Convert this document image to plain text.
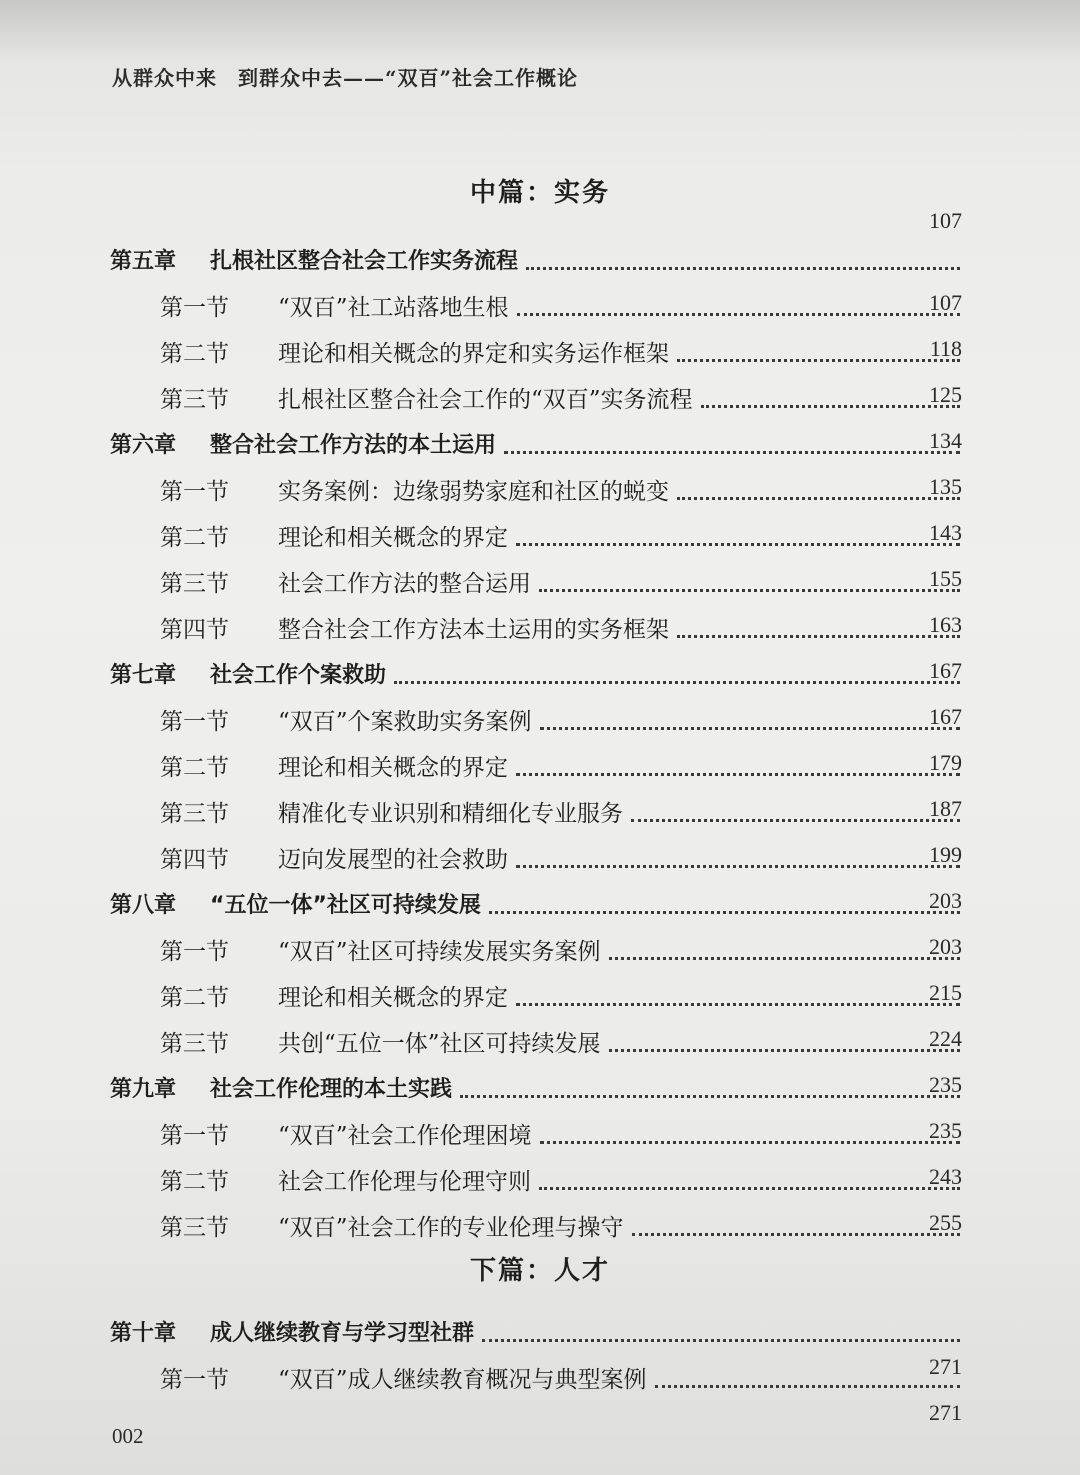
从群众中来　到群众中去——“双百”社会工作概论
中篇：实务
107
下篇：人才
第五章 扎根社区整合社会工作实务流程
107
第一节 “双百”社工站落地生根
118
第二节 理论和相关概念的界定和实务运作框架
125
第三节 扎根社区整合社会工作的“双百”实务流程
134
第六章 整合社会工作方法的本土运用
135
第一节 实务案例：边缘弱势家庭和社区的蜕变
143
第二节 理论和相关概念的界定
155
第三节 社会工作方法的整合运用
163
第四节 整合社会工作方法本土运用的实务框架
167
第七章 社会工作个案救助
167
第一节 “双百”个案救助实务案例
179
第二节 理论和相关概念的界定
187
第三节 精准化专业识别和精细化专业服务
199
第四节 迈向发展型的社会救助
203
第八章 “五位一体”社区可持续发展
203
第一节 “双百”社区可持续发展实务案例
215
第二节 理论和相关概念的界定
224
第三节 共创“五位一体”社区可持续发展
235
第九章 社会工作伦理的本土实践
235
第一节 “双百”社会工作伦理困境
243
第二节 社会工作伦理与伦理守则
255
第三节 “双百”社会工作的专业伦理与操守
第十章 成人继续教育与学习型社群
271
第一节 “双百”成人继续教育概况与典型案例
271
002
